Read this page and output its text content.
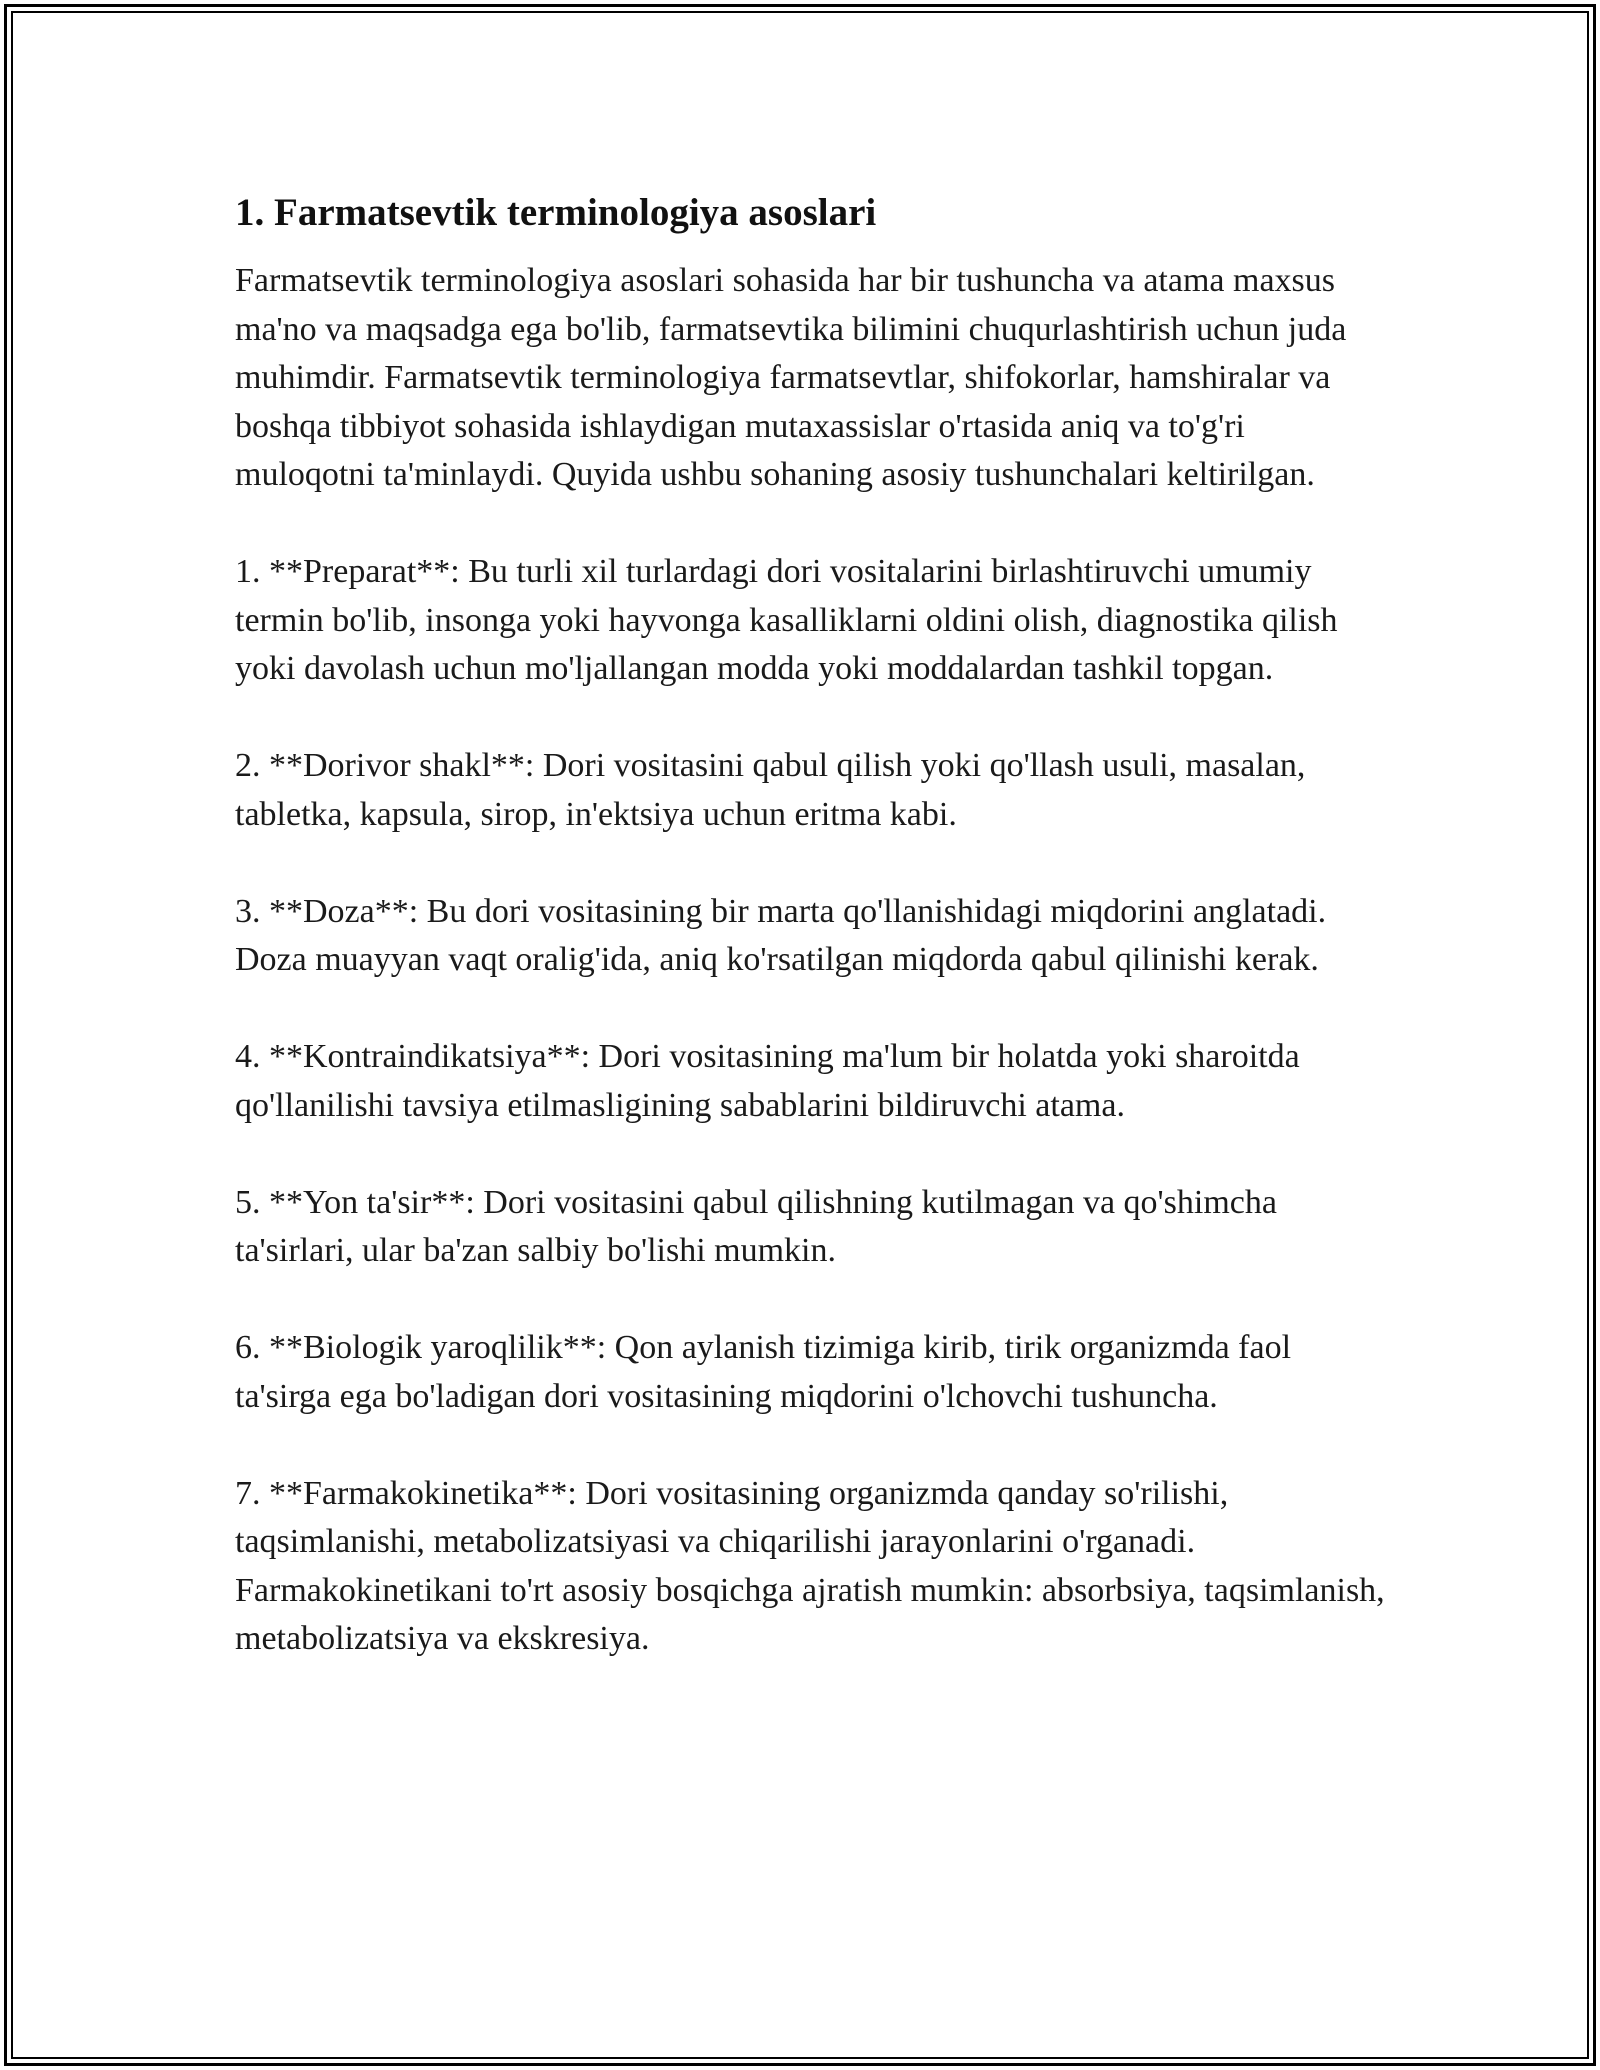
1. Farmatsevtik terminologiya asoslari

Farmatsevtik terminologiya asoslari sohasida har bir tushuncha va atama maxsus ma'no va maqsadga ega bo'lib, farmatsevtika bilimini chuqurlashtirish uchun juda muhimdir. Farmatsevtik terminologiya farmatsevtlar, shifokorlar, hamshiralar va boshqa tibbiyot sohasida ishlaydigan mutaxassislar o'rtasida aniq va to'g'ri muloqotni ta'minlaydi. Quyida ushbu sohaning asosiy tushunchalari keltirilgan.

1. **Preparat**: Bu turli xil turlardagi dori vositalarini birlashtiruvchi umumiy termin bo'lib, insonga yoki hayvonga kasalliklarni oldini olish, diagnostika qilish yoki davolash uchun mo'ljallangan modda yoki moddalardan tashkil topgan.

2. **Dorivor shakl**: Dori vositasini qabul qilish yoki qo'llash usuli, masalan, tabletka, kapsula, sirop, in'ektsiya uchun eritma kabi.

3. **Doza**: Bu dori vositasining bir marta qo'llanishidagi miqdorini anglatadi. Doza muayyan vaqt oralig'ida, aniq ko'rsatilgan miqdorda qabul qilinishi kerak.

4. **Kontraindikatsiya**: Dori vositasining ma'lum bir holatda yoki sharoitda qo'llanilishi tavsiya etilmasligining sabablarini bildiruvchi atama.

5. **Yon ta'sir**: Dori vositasini qabul qilishning kutilmagan va qo'shimcha ta'sirlari, ular ba'zan salbiy bo'lishi mumkin.

6. **Biologik yaroqlilik**: Qon aylanish tizimiga kirib, tirik organizmda faol ta'sirga ega bo'ladigan dori vositasining miqdorini o'lchovchi tushuncha.

7. **Farmakokinetika**: Dori vositasining organizmda qanday so'rilishi, taqsimlanishi, metabolizatsiyasi va chiqarilishi jarayonlarini o'rganadi. Farmakokinetikani to'rt asosiy bosqichga ajratish mumkin: absorbsiya, taqsimlanish, metabolizatsiya va ekskresiya.
